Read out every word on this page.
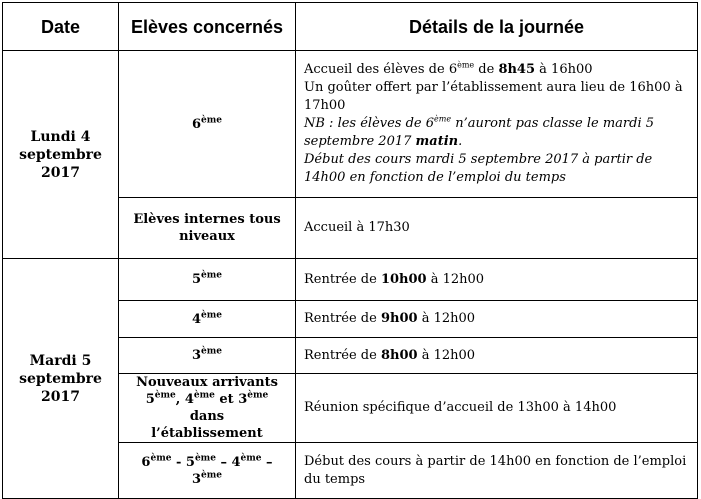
Date	Elèves concernés	Détails de la journée
Lundi 4 septembre 2017	6ème	Accueil des élèves de 6ème de 8h45 à 16h00
Un goûter offert par l’établissement aura lieu de 16h00 à 17h00
NB : les élèves de 6ème n’auront pas classe le mardi 5 septembre 2017 matin.
Début des cours mardi 5 septembre 2017 à partir de 14h00 en fonction de l’emploi du temps

	Elèves internes tous niveaux	Accueil à 17h30
Mardi 5 septembre 2017	5ème	Rentrée de 10h00 à 12h00
	4ème	Rentrée de 9h00 à 12h00
	3ème	Rentrée de 8h00 à 12h00

	Nouveaux arrivants
5ème, 4ème et 3ème dans
l’établissement	Réunion spécifique d’accueil de 13h00 à 14h00
	6ème - 5ème – 4ème – 3ème	Début des cours à partir de 14h00 en fonction de l’emploi du temps
